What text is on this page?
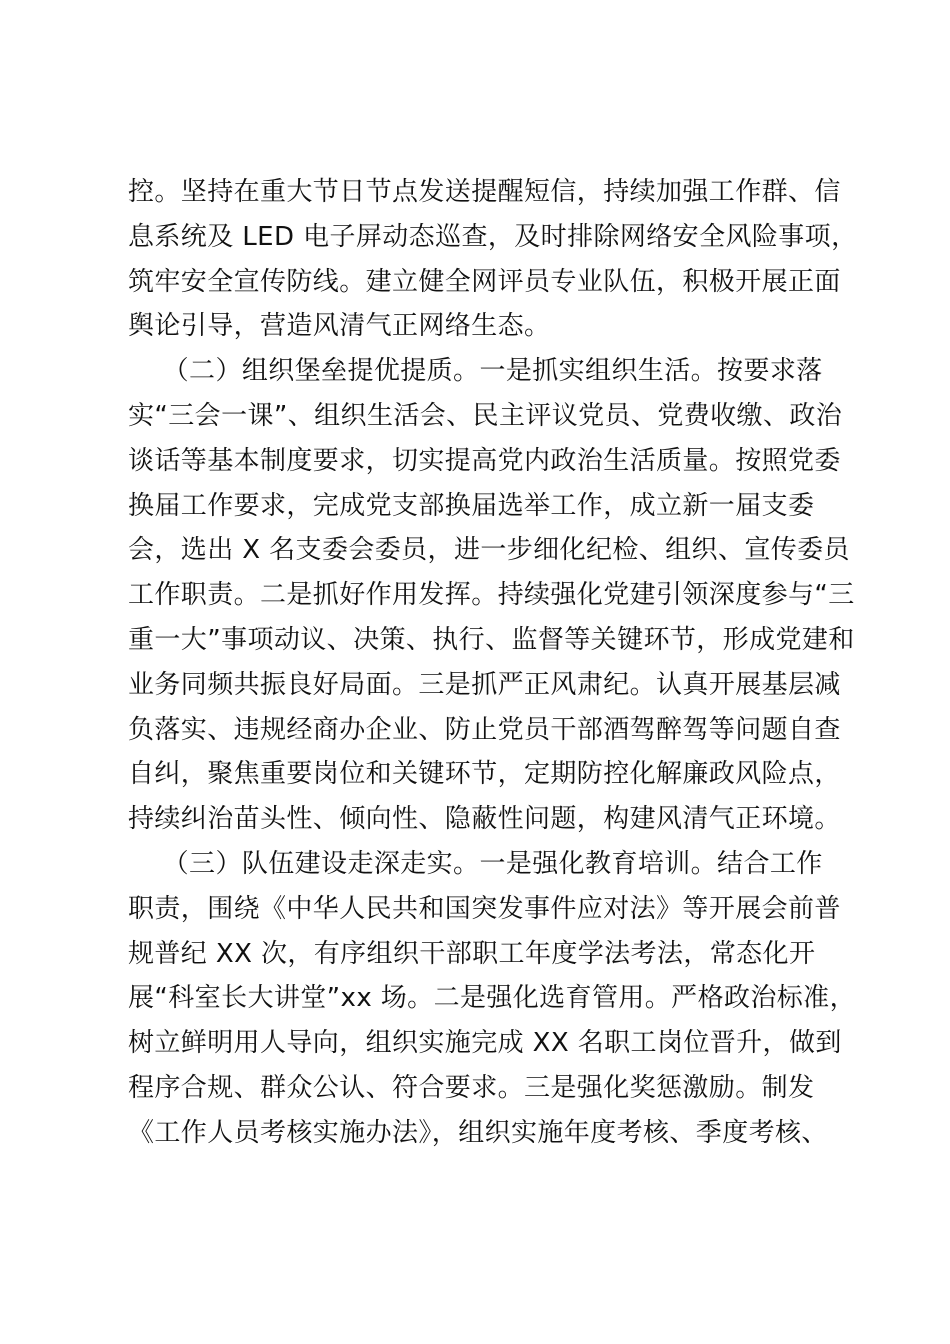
控。坚持在重大节日节点发送提醒短信，持续加强工作群、信
息系统及 LED 电子屏动态巡查，及时排除网络安全风险事项，
筑牢安全宣传防线。建立健全网评员专业队伍，积极开展正面
舆论引导，营造风清气正网络生态。
（二）组织堡垒提优提质。一是抓实组织生活。按要求落
实“三会一课”、组织生活会、民主评议党员、党费收缴、政治
谈话等基本制度要求，切实提高党内政治生活质量。按照党委
换届工作要求，完成党支部换届选举工作，成立新一届支委
会，选出 X 名支委会委员，进一步细化纪检、组织、宣传委员
工作职责。二是抓好作用发挥。持续强化党建引领深度参与“三
重一大”事项动议、决策、执行、监督等关键环节，形成党建和
业务同频共振良好局面。三是抓严正风肃纪。认真开展基层减
负落实、违规经商办企业、防止党员干部酒驾醉驾等问题自查
自纠，聚焦重要岗位和关键环节，定期防控化解廉政风险点，
持续纠治苗头性、倾向性、隐蔽性问题，构建风清气正环境。
（三）队伍建设走深走实。一是强化教育培训。结合工作
职责，围绕《中华人民共和国突发事件应对法》等开展会前普
规普纪 XX 次，有序组织干部职工年度学法考法，常态化开
展“科室长大讲堂”xx 场。二是强化选育管用。严格政治标准，
树立鲜明用人导向，组织实施完成 XX 名职工岗位晋升，做到
程序合规、群众公认、符合要求。三是强化奖惩激励。制发
《工作人员考核实施办法》，组织实施年度考核、季度考核、
